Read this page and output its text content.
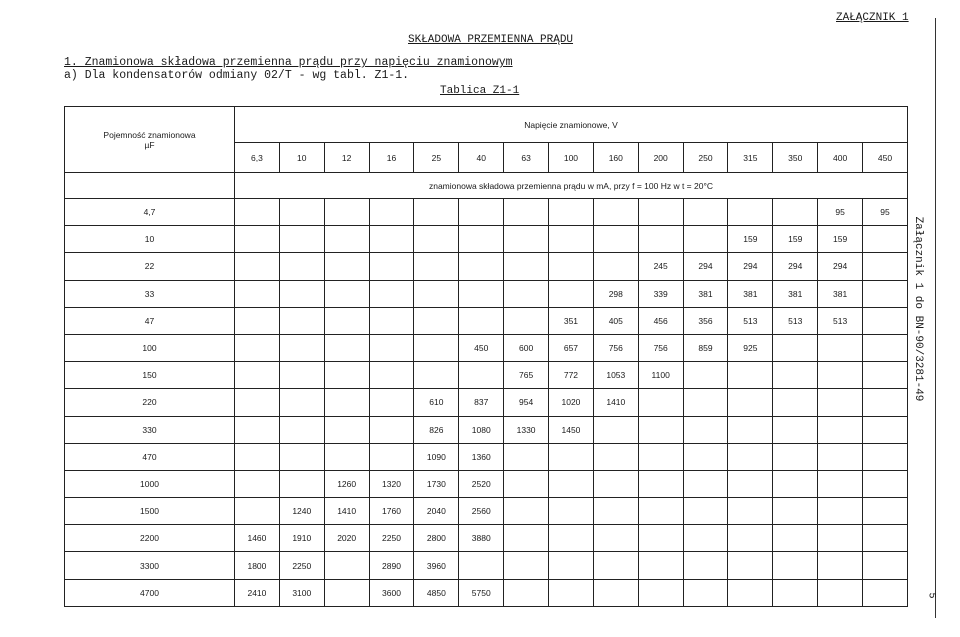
ZAŁĄCZNIK 1
SKŁADOWA PRZEMIENNA PRĄDU
1. Znamionowa składowa przemienna prądu przy napięciu znamionowym
a) Dla kondensatorów odmiany 02/T - wg tabl. Z1-1.
Tablica Z1-1
Załącznik 1 do BN-90/3281-49
5
Pojemność znamionowa
µF	Napięcie znamionowe, V														
	6,3	10	12	16	25	40	63	100	160	200	250	315	350	400	450
	znamionowa składowa przemienna prądu w mA, przy f = 100 Hz w t = 20°C														
4,7														95	95
10												159	159	159	
22										245	294	294	294	294	
33									298	339	381	381	381	381	
47								351	405	456	356	513	513	513	
100						450	600	657	756	756	859	925			
150							765	772	1053	1100					
220					610	837	954	1020	1410						
330					826	1080	1330	1450							
470					1090	1360									
1000			1260	1320	1730	2520									
1500		1240	1410	1760	2040	2560									
2200	1460	1910	2020	2250	2800	3880									
3300	1800	2250		2890	3960										
4700	2410	3100		3600	4850	5750									
